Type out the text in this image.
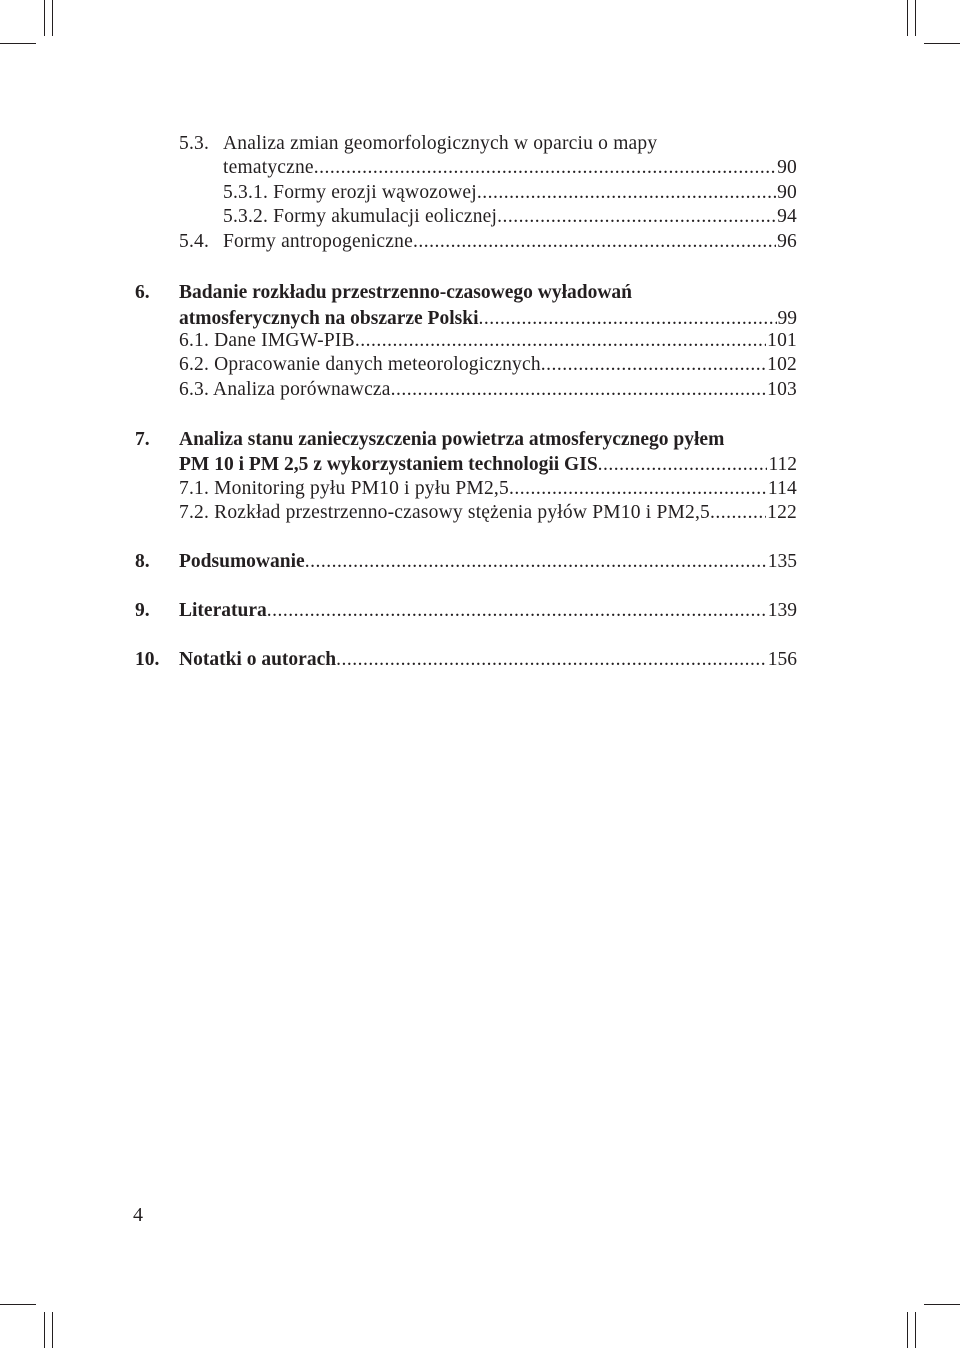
5.3. Analiza zmian geomorfologicznych w oparciu o mapy
tematyczne .....	90
5.3.1. Formy erozji wąwozowej .....	90
5.3.2. Formy akumulacji eolicznej .....	94
5.4. Formy antropogeniczne .....	96
6. Badanie rozkładu przestrzenno-czasowego wyładowań
atmosferycznych na obszarze Polski .....	99
6.1. Dane IMGW-PIB .....	101
6.2. Opracowanie danych meteorologicznych .....	102
6.3. Analiza porównawcza .....	103
7. Analiza stanu zanieczyszczenia powietrza atmosferycznego pyłem
PM 10 i PM 2,5 z wykorzystaniem technologii GIS .....	112
7.1. Monitoring pyłu PM10 i pyłu PM2,5 .....	114
7.2. Rozkład przestrzenno-czasowy stężenia pyłów PM10 i PM2,5 .....	122
8. Podsumowanie .....	135
9. Literatura .....	139
10. Notatki o autorach .....	156
4
